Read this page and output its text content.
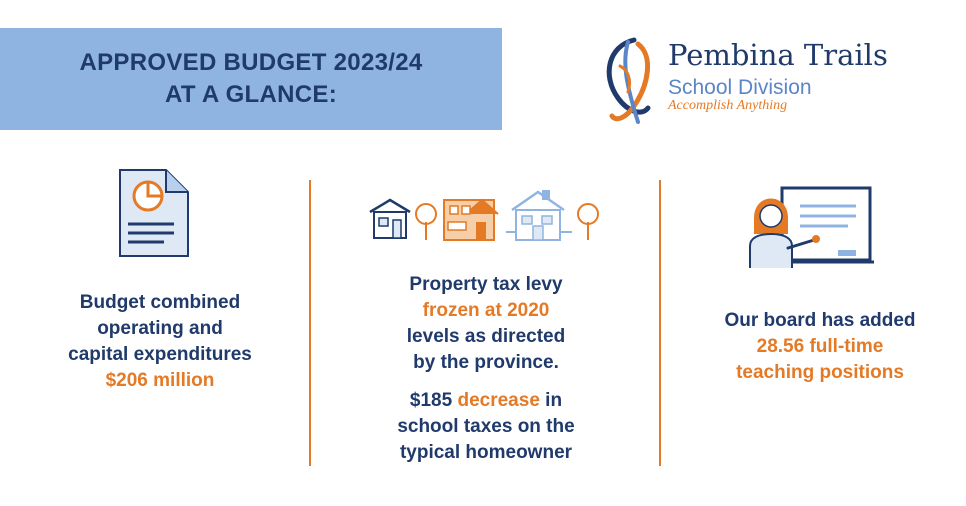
APPROVED BUDGET 2023/24
AT A GLANCE:
Pembina Trails
School Division
Accomplish Anything

Budget combined

operating and

capital expenditures

$206 million

Property tax levy

frozen at 2020

levels as directed

by the province.

$185 decrease in

school taxes on the

typical homeowner

Our board has added

28.56 full-time

teaching positions
